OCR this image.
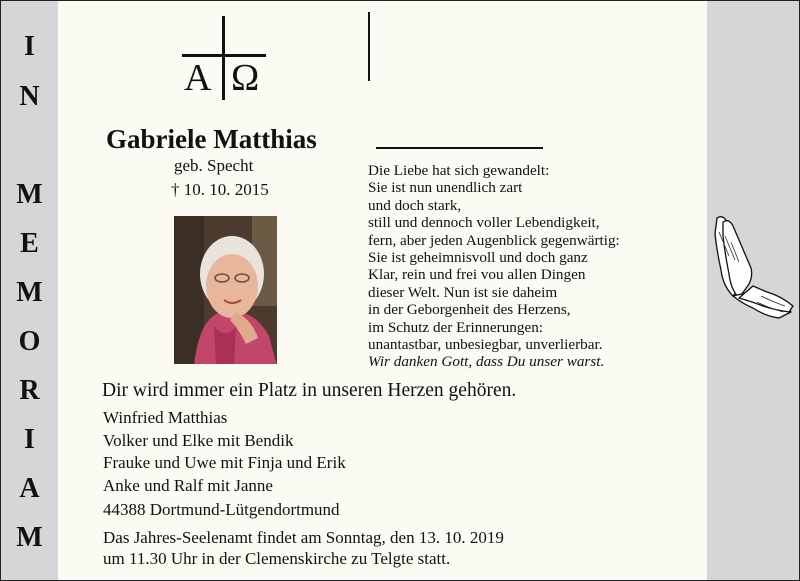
I
N
M
E
M
O
R
I
A
M
A Ω
Gabriele Matthias
geb. Specht
† 10. 10. 2015
Die Liebe hat sich gewandelt:
Sie ist nun unendlich zart
und doch stark,
still und dennoch voller Lebendigkeit,
fern, aber jeden Augenblick gegenwärtig:
Sie ist geheimnisvoll und doch ganz
Klar, rein und frei vou allen Dingen
dieser Welt. Nun ist sie daheim
in der Geborgenheit des Herzens,
im Schutz der Erinnerungen:
unantastbar, unbesiegbar, unverlierbar.
Wir danken Gott, dass Du unser warst.
Dir wird immer ein Platz in unseren Herzen gehören.
Winfried Matthias
Volker und Elke mit Bendik
Frauke und Uwe mit Finja und Erik
Anke und Ralf mit Janne
44388 Dortmund-Lütgendortmund
Das Jahres-Seelenamt findet am Sonntag, den 13. 10. 2019
um 11.30 Uhr in der Clemenskirche zu Telgte statt.
